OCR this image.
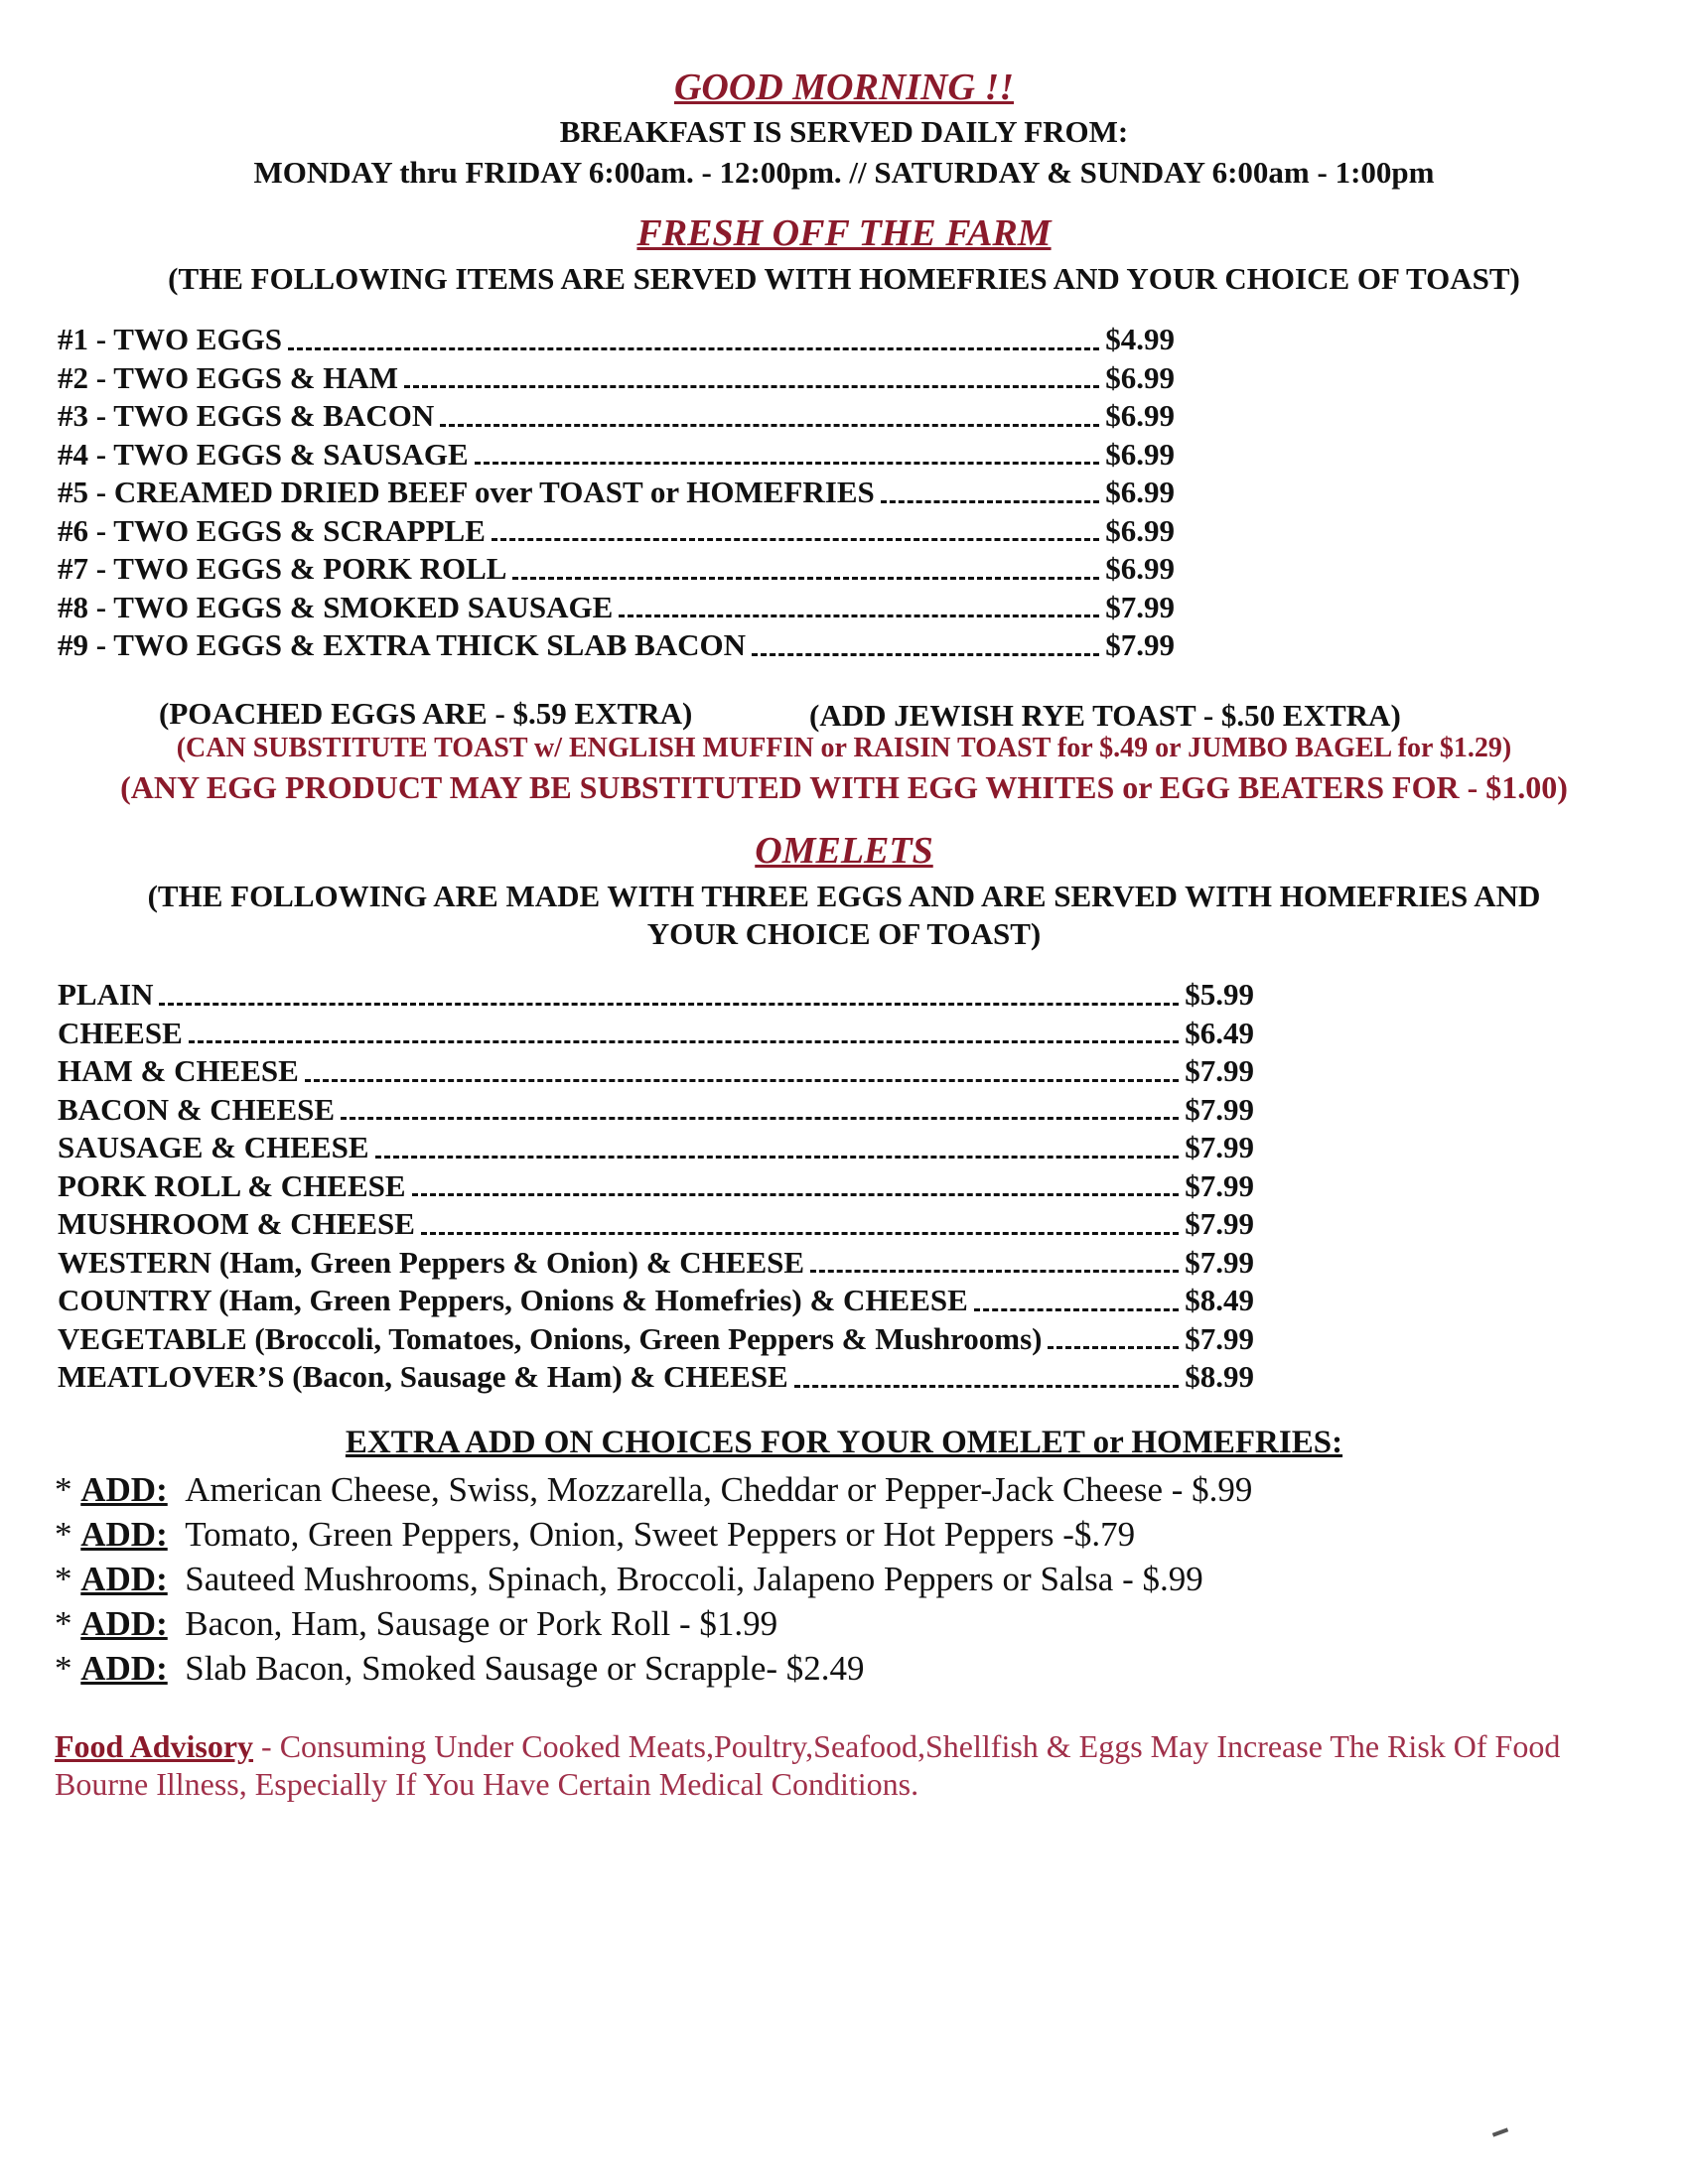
GOOD MORNING !!
BREAKFAST IS SERVED DAILY FROM:
MONDAY thru FRIDAY 6:00am. - 12:00pm. // SATURDAY & SUNDAY 6:00am - 1:00pm
FRESH OFF THE FARM
(THE FOLLOWING ITEMS ARE SERVED WITH HOMEFRIES AND YOUR CHOICE OF TOAST)
#1 - TWO EGGS	$4.99
#2 - TWO EGGS & HAM	$6.99
#3 - TWO EGGS & BACON	$6.99
#4 - TWO EGGS & SAUSAGE	$6.99
#5 - CREAMED DRIED BEEF over TOAST or HOMEFRIES	$6.99
#6 - TWO EGGS & SCRAPPLE	$6.99
#7 - TWO EGGS & PORK ROLL	$6.99
#8 - TWO EGGS & SMOKED SAUSAGE	$7.99
#9 - TWO EGGS & EXTRA THICK SLAB BACON	$7.99
(POACHED EGGS ARE - $.59 EXTRA)	(ADD JEWISH RYE TOAST - $.50 EXTRA)
(CAN SUBSTITUTE TOAST w/ ENGLISH MUFFIN or RAISIN TOAST for $.49 or JUMBO BAGEL for $1.29)
(ANY EGG PRODUCT MAY BE SUBSTITUTED WITH EGG WHITES or EGG BEATERS FOR - $1.00)
OMELETS
(THE FOLLOWING ARE MADE WITH THREE EGGS AND ARE SERVED WITH HOMEFRIES AND
YOUR CHOICE OF TOAST)
PLAIN	$5.99
CHEESE	$6.49
HAM & CHEESE	$7.99
BACON & CHEESE	$7.99
SAUSAGE & CHEESE	$7.99
PORK ROLL & CHEESE	$7.99
MUSHROOM & CHEESE	$7.99
WESTERN (Ham, Green Peppers & Onion) & CHEESE	$7.99
COUNTRY (Ham, Green Peppers, Onions & Homefries) & CHEESE	$8.49
VEGETABLE (Broccoli, Tomatoes, Onions, Green Peppers & Mushrooms)	$7.99
MEATLOVER’S (Bacon, Sausage & Ham) & CHEESE	$8.99
EXTRA ADD ON CHOICES FOR YOUR OMELET or HOMEFRIES:
* ADD: American Cheese, Swiss, Mozzarella, Cheddar or Pepper-Jack Cheese - $.99
* ADD: Tomato, Green Peppers, Onion, Sweet Peppers or Hot Peppers -$.79
* ADD: Sauteed Mushrooms, Spinach, Broccoli, Jalapeno Peppers or Salsa - $.99
* ADD: Bacon, Ham, Sausage or Pork Roll - $1.99
* ADD: Slab Bacon, Smoked Sausage or Scrapple- $2.49
Food Advisory - Consuming Under Cooked Meats,Poultry,Seafood,Shellfish & Eggs May Increase The Risk Of Food Bourne Illness, Especially If You Have Certain Medical Conditions.
